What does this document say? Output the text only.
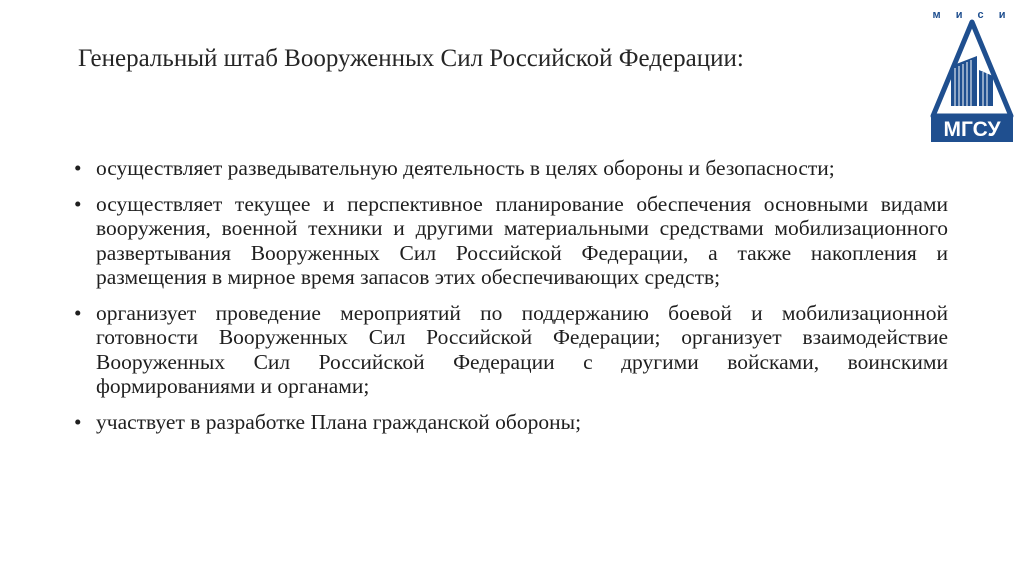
Генеральный штаб Вооруженных Сил Российской Федерации:
м и с и
МГСУ
• осуществляет разведывательную деятельность в целях обороны и безопасности;
• осуществляет текущее и перспективное планирование обеспечения основными видами вооружения, военной техники и другими материальными средствами мобилизационного развертывания Вооруженных Сил Российской Федерации, а также накопления и размещения в мирное время запасов этих обеспечивающих средств;
• организует проведение мероприятий по поддержанию боевой и мобилизационной готовности Вооруженных Сил Российской Федерации; организует взаимодействие Вооруженных Сил Российской Федерации с другими войсками, воинскими формированиями и органами;
• участвует в разработке Плана гражданской обороны;
